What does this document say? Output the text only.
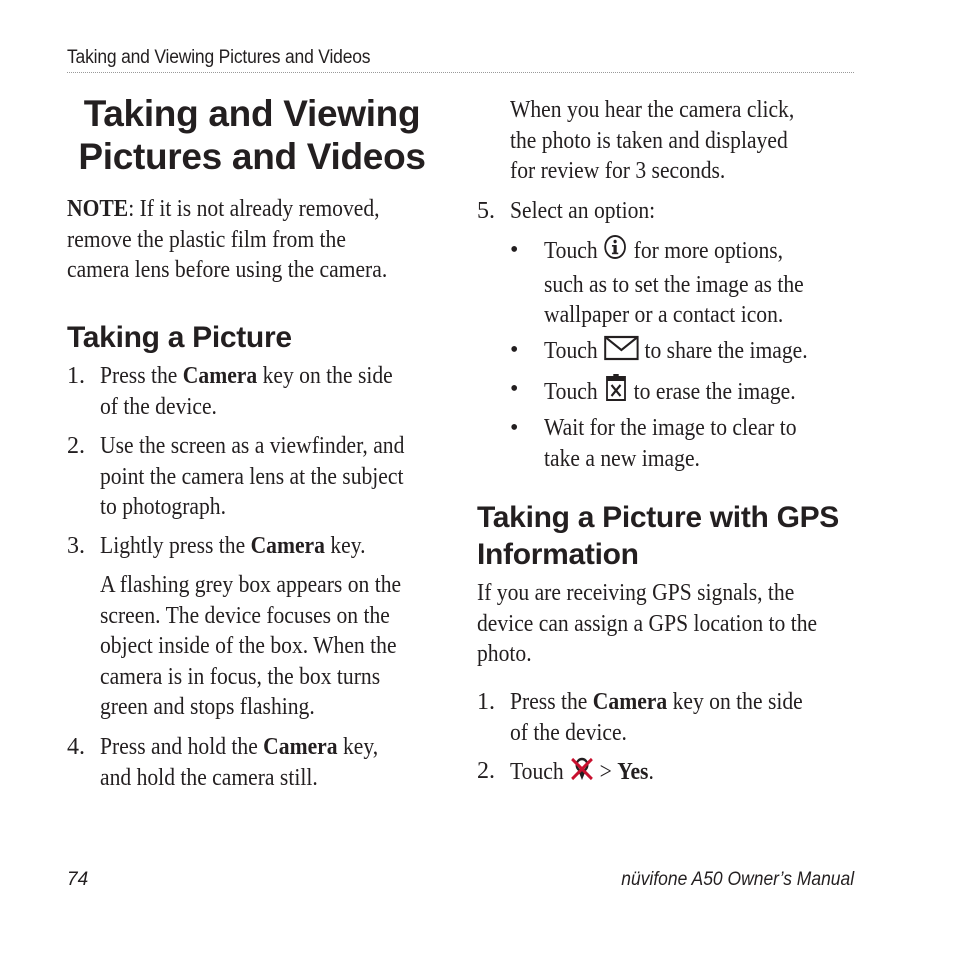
Taking and Viewing Pictures and Videos
Taking and Viewing
Pictures and Videos
NOTE: If it is not already removed,
remove the plastic film from the
camera lens before using the camera.
Taking a Picture
1. Press the Camera key on the side
of the device.
2. Use the screen as a viewfinder, and
point the camera lens at the subject
to photograph.
3. Lightly press the Camera key.
A flashing grey box appears on the
screen. The device focuses on the
object inside of the box. When the
camera is in focus, the box turns
green and stops flashing.
4. Press and hold the Camera key,
and hold the camera still.
When you hear the camera click,
the photo is taken and displayed
for review for 3 seconds.
5. Select an option:
• Touch  for more options,
such as to set the image as the
wallpaper or a contact icon.
• Touch  to share the image.
• Touch  to erase the image.
• Wait for the image to clear to
take a new image.
Taking a Picture with GPS
Information
If you are receiving GPS signals, the
device can assign a GPS location to the
photo.
1. Press the Camera key on the side
of the device.
2. Touch  > Yes.
74	nüvifone A50 Owner’s Manual
